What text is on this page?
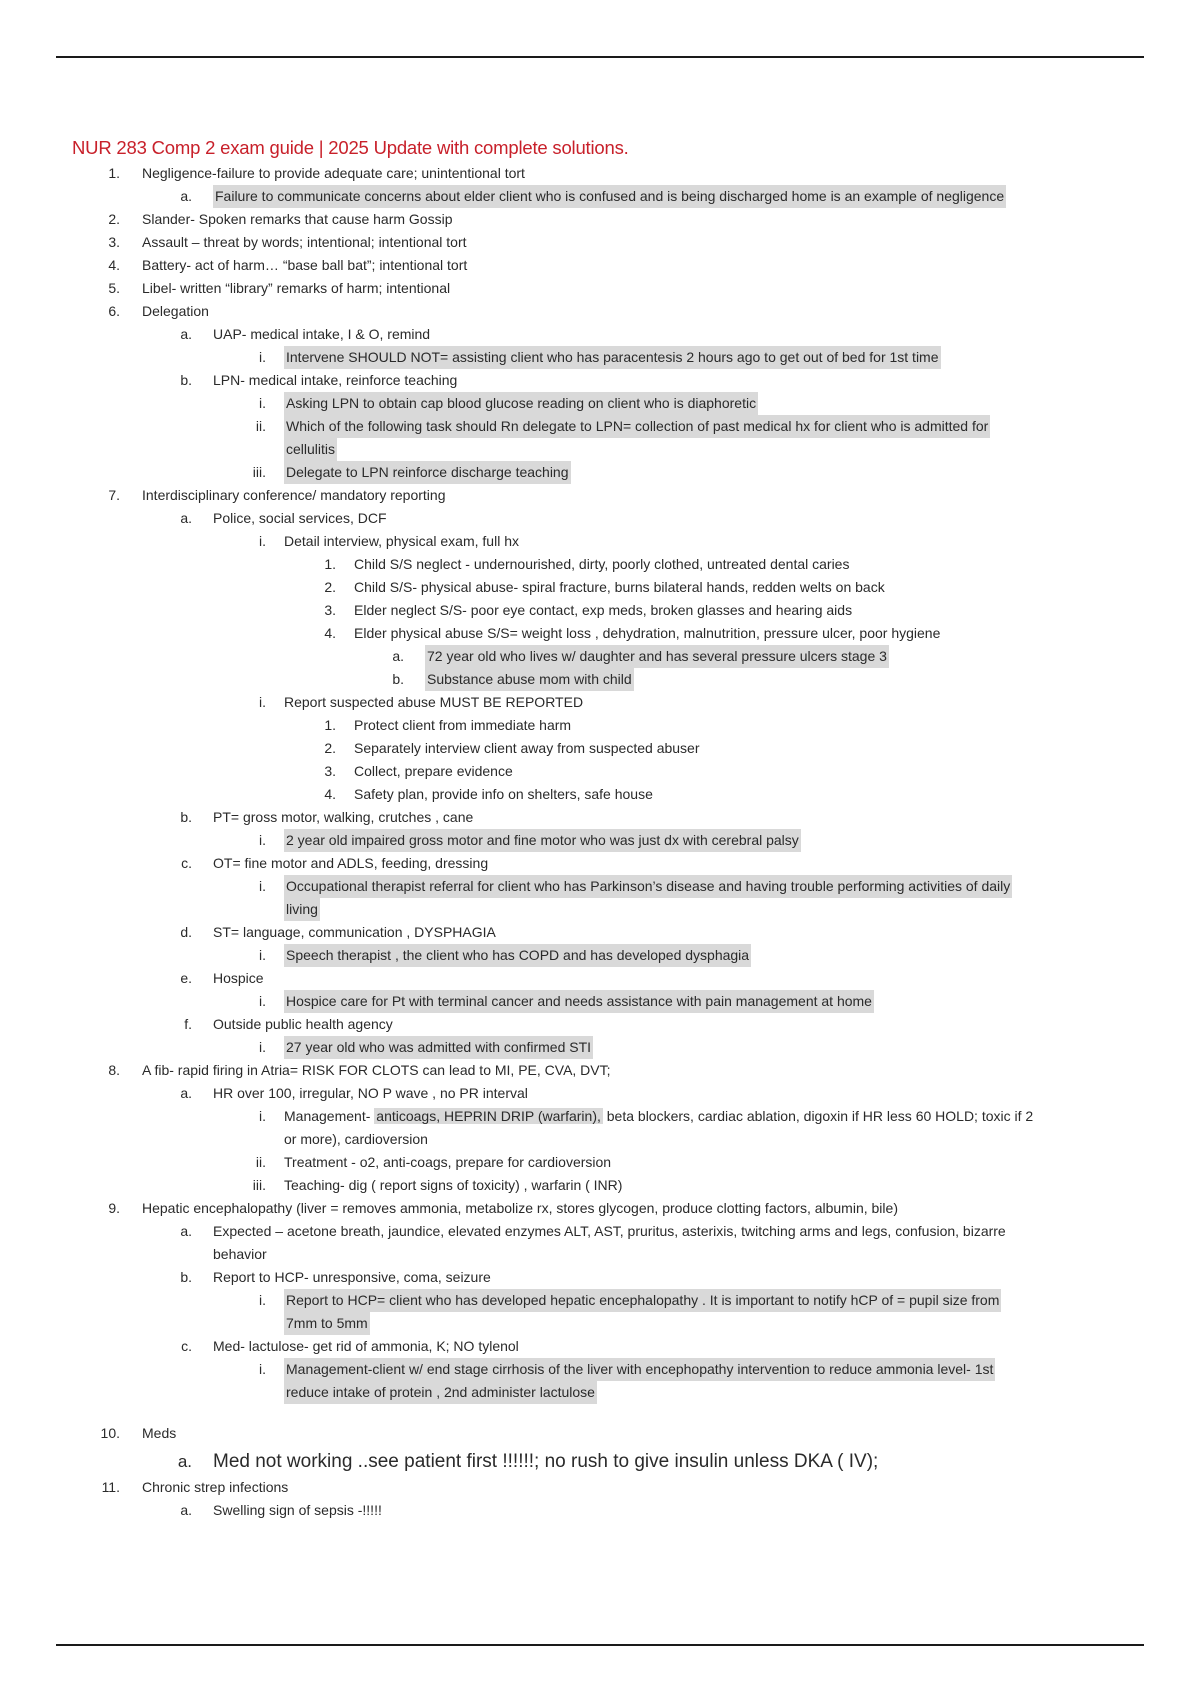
NUR 283 Comp 2 exam guide | 2025 Update with complete solutions.
1. Negligence-failure to provide adequate care; unintentional tort
a. Failure to communicate concerns about elder client who is confused and is being discharged home is an example of negligence
2. Slander- Spoken remarks that cause harm Gossip
3. Assault – threat by words; intentional; intentional tort
4. Battery- act of harm… “base ball bat”; intentional tort
5. Libel- written “library” remarks of harm; intentional
6. Delegation
a. UAP- medical intake, I & O, remind
i. Intervene SHOULD NOT= assisting client who has paracentesis 2 hours ago to get out of bed for 1st time
b. LPN- medical intake, reinforce teaching
i. Asking LPN to obtain cap blood glucose reading on client who is diaphoretic
ii. Which of the following task should Rn delegate to LPN= collection of past medical hx for client who is admitted for
cellulitis
iii. Delegate to LPN reinforce discharge teaching
7. Interdisciplinary conference/ mandatory reporting
a. Police, social services, DCF
i. Detail interview, physical exam, full hx
1. Child S/S neglect - undernourished, dirty, poorly clothed, untreated dental caries
2. Child S/S- physical abuse- spiral fracture, burns bilateral hands, redden welts on back
3. Elder neglect S/S- poor eye contact, exp meds, broken glasses and hearing aids
4. Elder physical abuse S/S= weight loss , dehydration, malnutrition, pressure ulcer, poor hygiene
a. 72 year old who lives w/ daughter and has several pressure ulcers stage 3
b. Substance abuse mom with child
i. Report suspected abuse MUST BE REPORTED
1. Protect client from immediate harm
2. Separately interview client away from suspected abuser
3. Collect, prepare evidence
4. Safety plan, provide info on shelters, safe house
b. PT= gross motor, walking, crutches , cane
i. 2 year old impaired gross motor and fine motor who was just dx with cerebral palsy
c. OT= fine motor and ADLS, feeding, dressing
i. Occupational therapist referral for client who has Parkinson’s disease and having trouble performing activities of daily
living
d. ST= language, communication , DYSPHAGIA
i. Speech therapist , the client who has COPD and has developed dysphagia
e. Hospice
i. Hospice care for Pt with terminal cancer and needs assistance with pain management at home
f. Outside public health agency
i. 27 year old who was admitted with confirmed STI
8. A fib- rapid firing in Atria= RISK FOR CLOTS can lead to MI, PE, CVA, DVT;
a. HR over 100, irregular, NO P wave , no PR interval
i. Management- anticoags, HEPRIN DRIP (warfarin), beta blockers, cardiac ablation, digoxin if HR less 60 HOLD; toxic if 2
or more), cardioversion
ii. Treatment - o2, anti-coags, prepare for cardioversion
iii. Teaching- dig ( report signs of toxicity) , warfarin ( INR)
9. Hepatic encephalopathy (liver = removes ammonia, metabolize rx, stores glycogen, produce clotting factors, albumin, bile)
a. Expected – acetone breath, jaundice, elevated enzymes ALT, AST, pruritus, asterixis, twitching arms and legs, confusion, bizarre
behavior
b. Report to HCP- unresponsive, coma, seizure
i. Report to HCP= client who has developed hepatic encephalopathy . It is important to notify hCP of = pupil size from
7mm to 5mm
c. Med- lactulose- get rid of ammonia, K; NO tylenol
i. Management-client w/ end stage cirrhosis of the liver with encephopathy intervention to reduce ammonia level- 1st
reduce intake of protein , 2nd administer lactulose
10. Meds
a. Med not working ..see patient first !!!!!!; no rush to give insulin unless DKA ( IV);
11. Chronic strep infections
a. Swelling sign of sepsis -!!!!!
